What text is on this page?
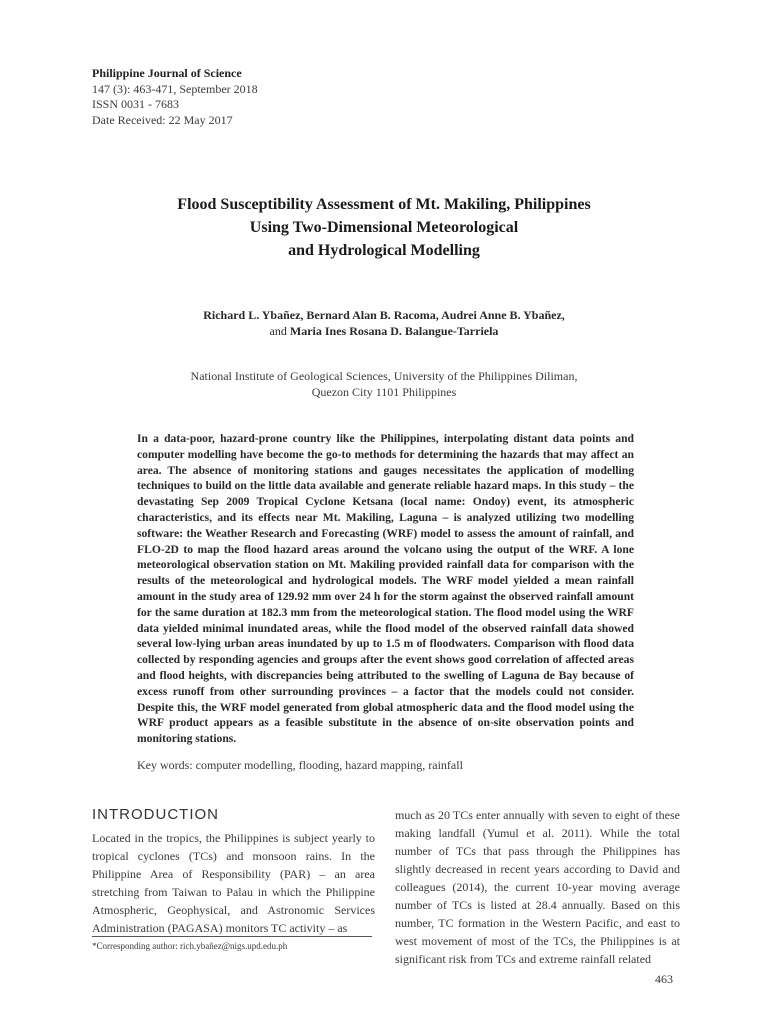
Philippine Journal of Science
147 (3): 463-471, September 2018
ISSN 0031 - 7683
Date Received: 22 May 2017
Flood Susceptibility Assessment of Mt. Makiling, Philippines
Using Two-Dimensional Meteorological
and Hydrological Modelling
Richard L. Ybañez, Bernard Alan B. Racoma, Audrei Anne B. Ybañez,
and Maria Ines Rosana D. Balangue-Tarriela
National Institute of Geological Sciences, University of the Philippines Diliman,
Quezon City 1101 Philippines
In a data-poor, hazard-prone country like the Philippines, interpolating distant data points and computer modelling have become the go-to methods for determining the hazards that may affect an area. The absence of monitoring stations and gauges necessitates the application of modelling techniques to build on the little data available and generate reliable hazard maps. In this study – the devastating Sep 2009 Tropical Cyclone Ketsana (local name: Ondoy) event, its atmospheric characteristics, and its effects near Mt. Makiling, Laguna – is analyzed utilizing two modelling software: the Weather Research and Forecasting (WRF) model to assess the amount of rainfall, and FLO-2D to map the flood hazard areas around the volcano using the output of the WRF. A lone meteorological observation station on Mt. Makiling provided rainfall data for comparison with the results of the meteorological and hydrological models. The WRF model yielded a mean rainfall amount in the study area of 129.92 mm over 24 h for the storm against the observed rainfall amount for the same duration at 182.3 mm from the meteorological station. The flood model using the WRF data yielded minimal inundated areas, while the flood model of the observed rainfall data showed several low-lying urban areas inundated by up to 1.5 m of floodwaters. Comparison with flood data collected by responding agencies and groups after the event shows good correlation of affected areas and flood heights, with discrepancies being attributed to the swelling of Laguna de Bay because of excess runoff from other surrounding provinces – a factor that the models could not consider. Despite this, the WRF model generated from global atmospheric data and the flood model using the WRF product appears as a feasible substitute in the absence of on-site observation points and monitoring stations.
Key words: computer modelling, flooding, hazard mapping, rainfall
INTRODUCTION
Located in the tropics, the Philippines is subject yearly to tropical cyclones (TCs) and monsoon rains. In the Philippine Area of Responsibility (PAR) – an area stretching from Taiwan to Palau in which the Philippine Atmospheric, Geophysical, and Astronomic Services Administration (PAGASA) monitors TC activity – as
much as 20 TCs enter annually with seven to eight of these making landfall (Yumul et al. 2011). While the total number of TCs that pass through the Philippines has slightly decreased in recent years according to David and colleagues (2014), the current 10-year moving average number of TCs is listed at 28.4 annually. Based on this number, TC formation in the Western Pacific, and east to west movement of most of the TCs, the Philippines is at significant risk from TCs and extreme rainfall related
*Corresponding author: rich.ybañez@nigs.upd.edu.ph
463
